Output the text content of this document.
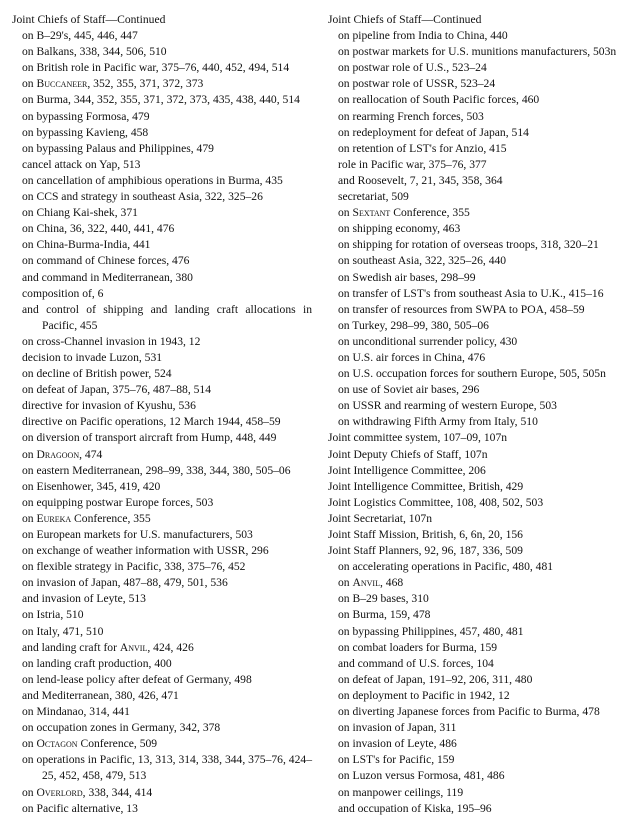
Joint Chiefs of Staff—Continued

on B–29's, 445, 446, 447

on Balkans, 338, 344, 506, 510

on British role in Pacific war, 375–76, 440, 452, 494, 514

on Buccaneer, 352, 355, 371, 372, 373

on Burma, 344, 352, 355, 371, 372, 373, 435, 438, 440, 514

on bypassing Formosa, 479

on bypassing Kavieng, 458

on bypassing Palaus and Philippines, 479

cancel attack on Yap, 513

on cancellation of amphibious operations in Burma, 435

on CCS and strategy in southeast Asia, 322, 325–26

on Chiang Kai-shek, 371

on China, 36, 322, 440, 441, 476

on China-Burma-India, 441

on command of Chinese forces, 476

and command in Mediterranean, 380

composition of, 6

and control of shipping and landing craft allocations in Pacific, 455

on cross-Channel invasion in 1943, 12

decision to invade Luzon, 531

on decline of British power, 524

on defeat of Japan, 375–76, 487–88, 514

directive for invasion of Kyushu, 536

directive on Pacific operations, 12 March 1944, 458–59

on diversion of transport aircraft from Hump, 448, 449

on Dragoon, 474

on eastern Mediterranean, 298–99, 338, 344, 380, 505–06

on Eisenhower, 345, 419, 420

on equipping postwar Europe forces, 503

on Eureka Conference, 355

on European markets for U.S. manufacturers, 503

on exchange of weather information with USSR, 296

on flexible strategy in Pacific, 338, 375–76, 452

on invasion of Japan, 487–88, 479, 501, 536

and invasion of Leyte, 513

on Istria, 510

on Italy, 471, 510

and landing craft for Anvil, 424, 426

on landing craft production, 400

on lend-lease policy after defeat of Germany, 498

and Mediterranean, 380, 426, 471

on Mindanao, 314, 441

on occupation zones in Germany, 342, 378

on Octagon Conference, 509

on operations in Pacific, 13, 313, 314, 338, 344, 375–76, 424–25, 452, 458, 479, 513

on Overlord, 338, 344, 414

on Pacific alternative, 13

Joint Chiefs of Staff—Continued

on pipeline from India to China, 440

on postwar markets for U.S. munitions manufacturers, 503n

on postwar role of U.S., 523–24

on postwar role of USSR, 523–24

on reallocation of South Pacific forces, 460

on rearming French forces, 503

on redeployment for defeat of Japan, 514

on retention of LST's for Anzio, 415

role in Pacific war, 375–76, 377

and Roosevelt, 7, 21, 345, 358, 364

secretariat, 509

on Sextant Conference, 355

on shipping economy, 463

on shipping for rotation of overseas troops, 318, 320–21

on southeast Asia, 322, 325–26, 440

on Swedish air bases, 298–99

on transfer of LST's from southeast Asia to U.K., 415–16

on transfer of resources from SWPA to POA, 458–59

on Turkey, 298–99, 380, 505–06

on unconditional surrender policy, 430

on U.S. air forces in China, 476

on U.S. occupation forces for southern Europe, 505, 505n

on use of Soviet air bases, 296

on USSR and rearming of western Europe, 503

on withdrawing Fifth Army from Italy, 510

Joint committee system, 107–09, 107n

Joint Deputy Chiefs of Staff, 107n

Joint Intelligence Committee, 206

Joint Intelligence Committee, British, 429

Joint Logistics Committee, 108, 408, 502, 503

Joint Secretariat, 107n

Joint Staff Mission, British, 6, 6n, 20, 156

Joint Staff Planners, 92, 96, 187, 336, 509

on accelerating operations in Pacific, 480, 481

on Anvil, 468

on B–29 bases, 310

on Burma, 159, 478

on bypassing Philippines, 457, 480, 481

on combat loaders for Burma, 159

and command of U.S. forces, 104

on defeat of Japan, 191–92, 206, 311, 480

on deployment to Pacific in 1942, 12

on diverting Japanese forces from Pacific to Burma, 478

on invasion of Japan, 311

on invasion of Leyte, 486

on LST's for Pacific, 159

on Luzon versus Formosa, 481, 486

on manpower ceilings, 119

and occupation of Kiska, 195–96
